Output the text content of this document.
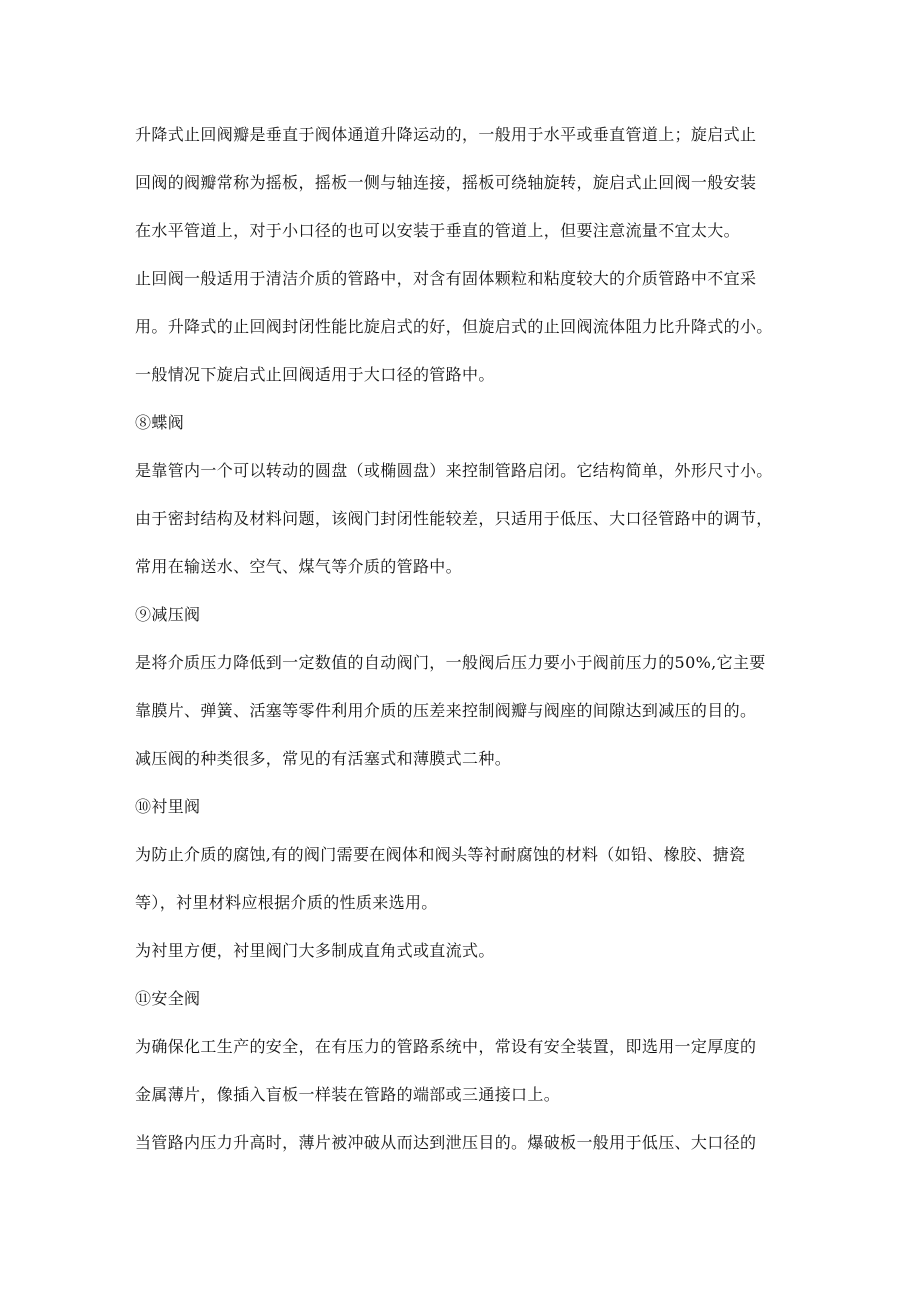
升降式止回阀瓣是垂直于阀体通道升降运动的，一般用于水平或垂直管道上；旋启式止
回阀的阀瓣常称为摇板，摇板一侧与轴连接，摇板可绕轴旋转，旋启式止回阀一般安装
在水平管道上，对于小口径的也可以安装于垂直的管道上，但要注意流量不宜太大。
止回阀一般适用于清洁介质的管路中，对含有固体颗粒和粘度较大的介质管路中不宜采
用。升降式的止回阀封闭性能比旋启式的好，但旋启式的止回阀流体阻力比升降式的小。
一般情况下旋启式止回阀适用于大口径的管路中。
⑧蝶阀
是靠管内一个可以转动的圆盘（或椭圆盘）来控制管路启闭。它结构简单，外形尺寸小。
由于密封结构及材料问题，该阀门封闭性能较差，只适用于低压、大口径管路中的调节，
常用在输送水、空气、煤气等介质的管路中。
⑨减压阀
是将介质压力降低到一定数值的自动阀门，一般阀后压力要小于阀前压力的50%,它主要
靠膜片、弹簧、活塞等零件利用介质的压差来控制阀瓣与阀座的间隙达到减压的目的。
减压阀的种类很多，常见的有活塞式和薄膜式二种。
⑩衬里阀
为防止介质的腐蚀,有的阀门需要在阀体和阀头等衬耐腐蚀的材料（如铅、橡胶、搪瓷
等），衬里材料应根据介质的性质来选用。
为衬里方便，衬里阀门大多制成直角式或直流式。
⑪安全阀
为确保化工生产的安全，在有压力的管路系统中，常设有安全装置，即选用一定厚度的
金属薄片，像插入盲板一样装在管路的端部或三通接口上。
当管路内压力升高时，薄片被冲破从而达到泄压目的。爆破板一般用于低压、大口径的
